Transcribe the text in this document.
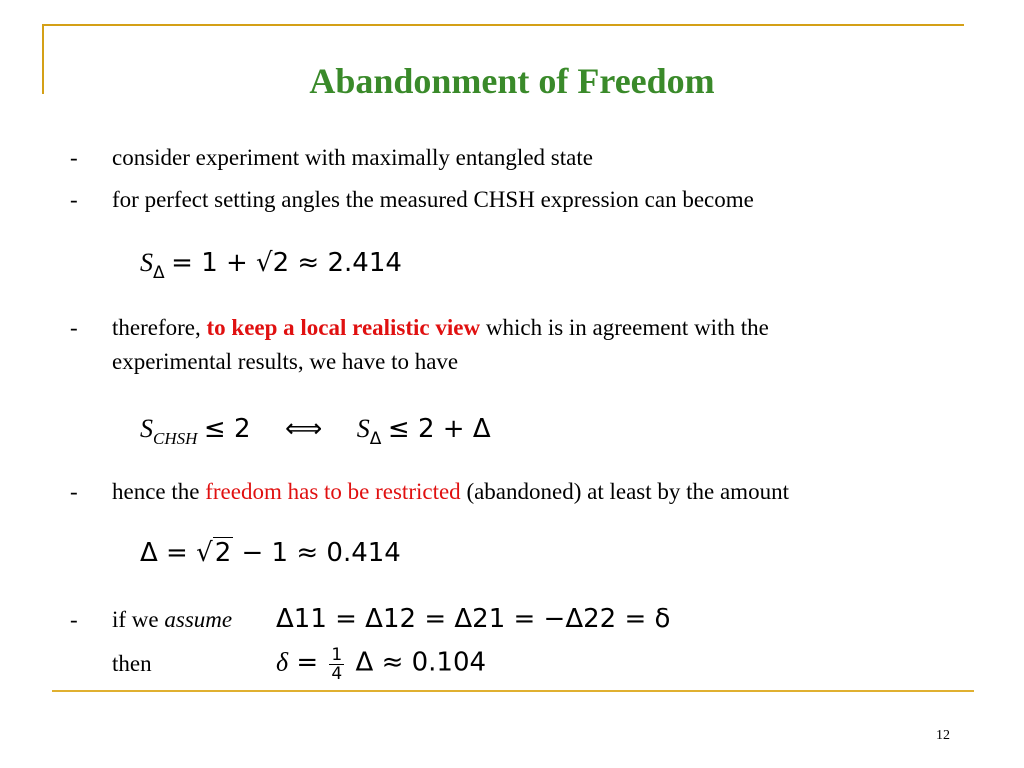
Abandonment of Freedom
- consider experiment with maximally entangled state
- for perfect setting angles the measured CHSH expression can become
$S_\Delta = 1 + √2 \approx 2.414$
- therefore, to keep a local realistic view which is in agreement with the
experimental results, we have to have
$S_{CHSH} \le 2$ ⟺ $S_\Delta \le 2 + \Delta$
- hence the freedom has to be restricted (abandoned) at least by the amount
Δ = √2 − 1 ≈ 0.414
- if we assume Δ11 = Δ12 = Δ21 = −Δ22 = δ
then	$\delta = \frac{1}{4}$ Δ ≈ 0.104
12
